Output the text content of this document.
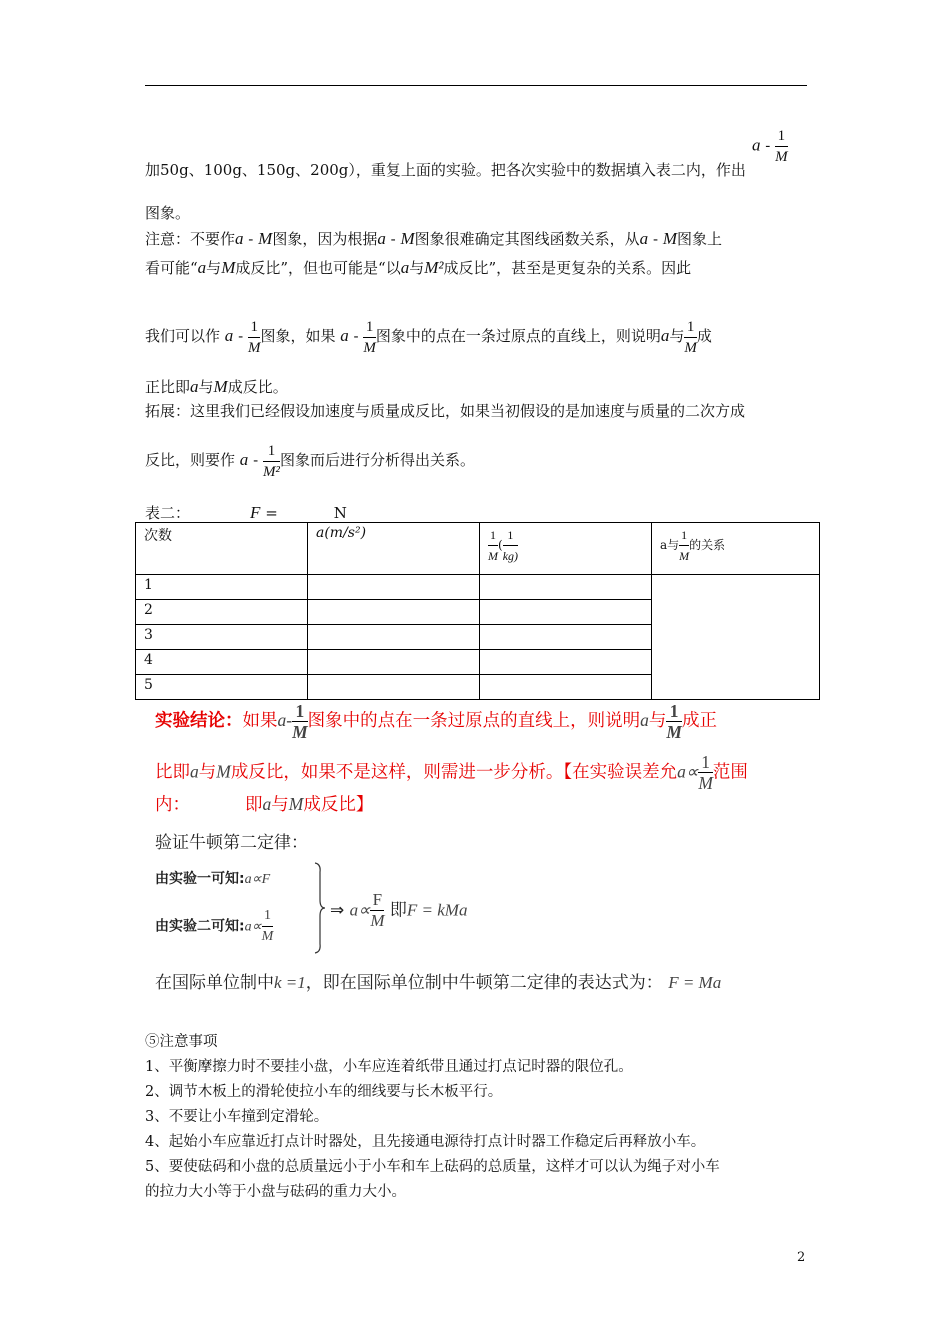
加50g、100g、150g、200g），重复上面的实验。把各次实验中的数据填入表二内，作出
a - $\frac{1}{M}$
图象。
注意：不要作a - M图象，因为根据a - M图象很难确定其图线函数关系，从a - M图象上
看可能“a与M成反比”，但也可能是“以a与M²成反比”，甚至是更复杂的关系。因此
我们可以作 a - $\frac{1}{M}$ 图象，如果 a - $\frac{1}{M}$ 图象中的点在一条过原点的直线上，则说明a与 $\frac{1}{M}$ 成
正比即a与M成反比。
拓展：这里我们已经假设加速度与质量成反比，如果当初假设的是加速度与质量的二次方成
反比，则要作 a - $\frac{1}{\text{M²}}$ 图象而后进行分析得出关系。
表二：	F =	N
次数	a(m/s²)	$\frac{1}{M}$ ( $\frac{1}{kg)}$	a与 $\frac{1}{M}$ 的关系
1			
2			
3			
4			
5			
实验结论：如果$a- \frac{1}{M}$ 图象中的点在一条过原点的直线上，则说明a与 $\frac{1}{M}$ 成正
比即a与M成反比，如果不是这样，则需进一步分析。【在实验误差允$a\propto \frac{1}{M}$ 范围
内：	即a与M成反比】
验证牛顿第二定律：
由实验一可知:a∝F
由实验二可知:a∝ $\frac{1}{M}$	⇒ $a\propto \frac{F}{M}$ 即F = kMa
在国际单位制中k =1，即在国际单位制中牛顿第二定律的表达式为： F = Ma
⑤注意事项
1、平衡摩擦力时不要挂小盘，小车应连着纸带且通过打点记时器的限位孔。
2、调节木板上的滑轮使拉小车的细线要与长木板平行。
3、不要让小车撞到定滑轮。
4、起始小车应靠近打点计时器处，且先接通电源待打点计时器工作稳定后再释放小车。
5、要使砝码和小盘的总质量远小于小车和车上砝码的总质量，这样才可以认为绳子对小车
的拉力大小等于小盘与砝码的重力大小。
2
